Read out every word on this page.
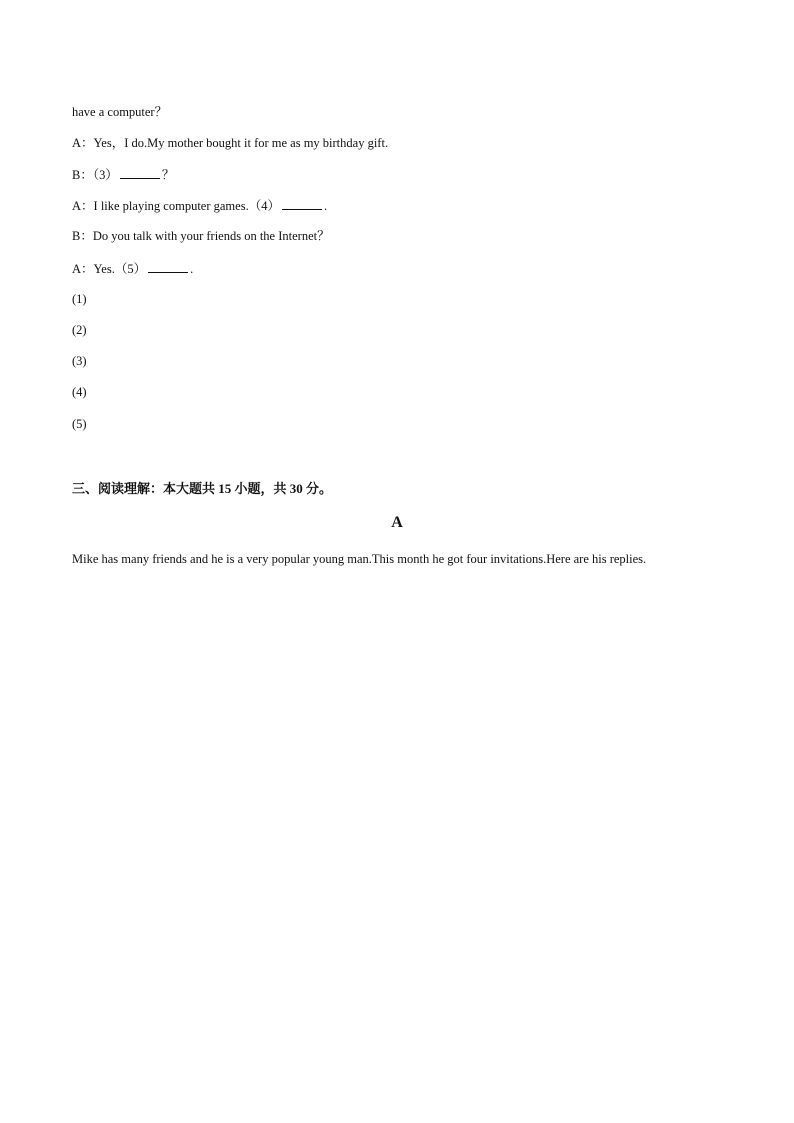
have a computer？
A：Yes，I do.My mother bought it for me as my birthday gift.
B：（3）	？
A：I like playing computer games.（4）	.
B：Do you talk with your friends on the Internet？
A：Yes.（5）	.
(1)
(2)
(3)
(4)
(5)
三、阅读理解：本大题共 15 小题，共 30 分。
A
Mike has many friends and he is a very popular young man.This month he got four invitations.Here are his replies.
